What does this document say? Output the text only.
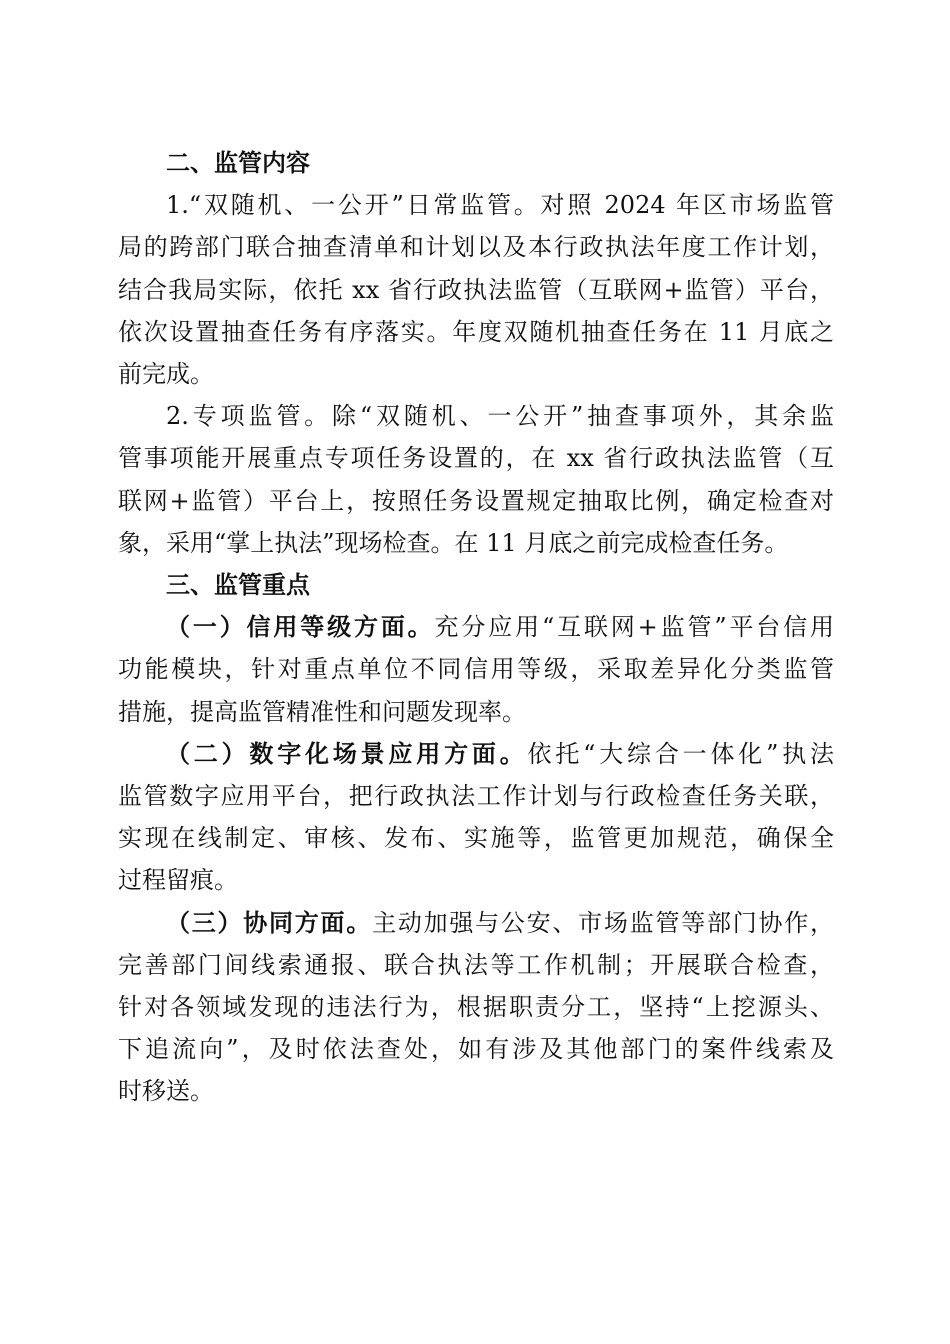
二、监管内容
1.“双随机、一公开”日常监管。对照 2024 年区市场监管
局的跨部门联合抽查清单和计划以及本行政执法年度工作计划，
结合我局实际，依托 xx 省行政执法监管（互联网+监管）平台，
依次设置抽查任务有序落实。年度双随机抽查任务在 11 月底之
前完成。
2.专项监管。除“双随机、一公开”抽查事项外，其余监
管事项能开展重点专项任务设置的，在 xx 省行政执法监管（互
联网+监管）平台上，按照任务设置规定抽取比例，确定检查对
象，采用“掌上执法”现场检查。在 11 月底之前完成检查任务。
三、监管重点
（一）信用等级方面。充分应用“互联网+监管”平台信用
功能模块，针对重点单位不同信用等级，采取差异化分类监管
措施，提高监管精准性和问题发现率。
（二）数字化场景应用方面。依托“大综合一体化”执法
监管数字应用平台，把行政执法工作计划与行政检查任务关联，
实现在线制定、审核、发布、实施等，监管更加规范，确保全
过程留痕。
（三）协同方面。主动加强与公安、市场监管等部门协作，
完善部门间线索通报、联合执法等工作机制；开展联合检查，
针对各领域发现的违法行为，根据职责分工，坚持“上挖源头、
下追流向”，及时依法查处，如有涉及其他部门的案件线索及
时移送。
